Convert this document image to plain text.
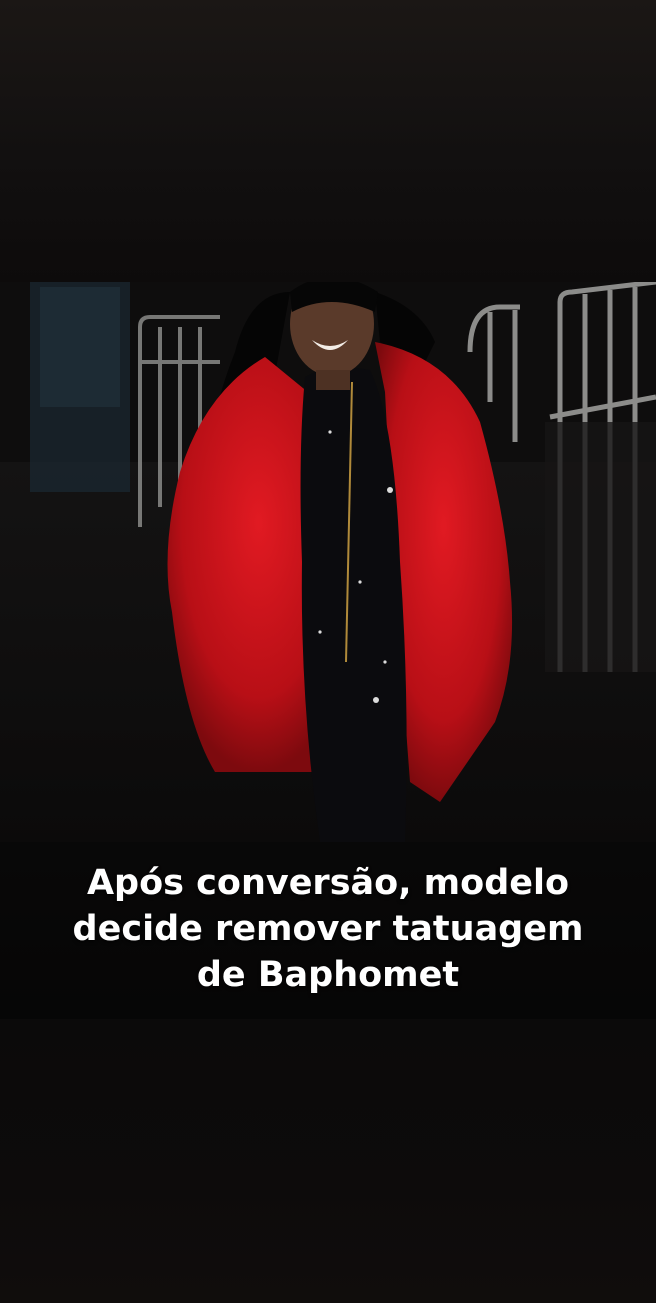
Após conversão, modelo
decide remover tatuagem
de Baphomet
